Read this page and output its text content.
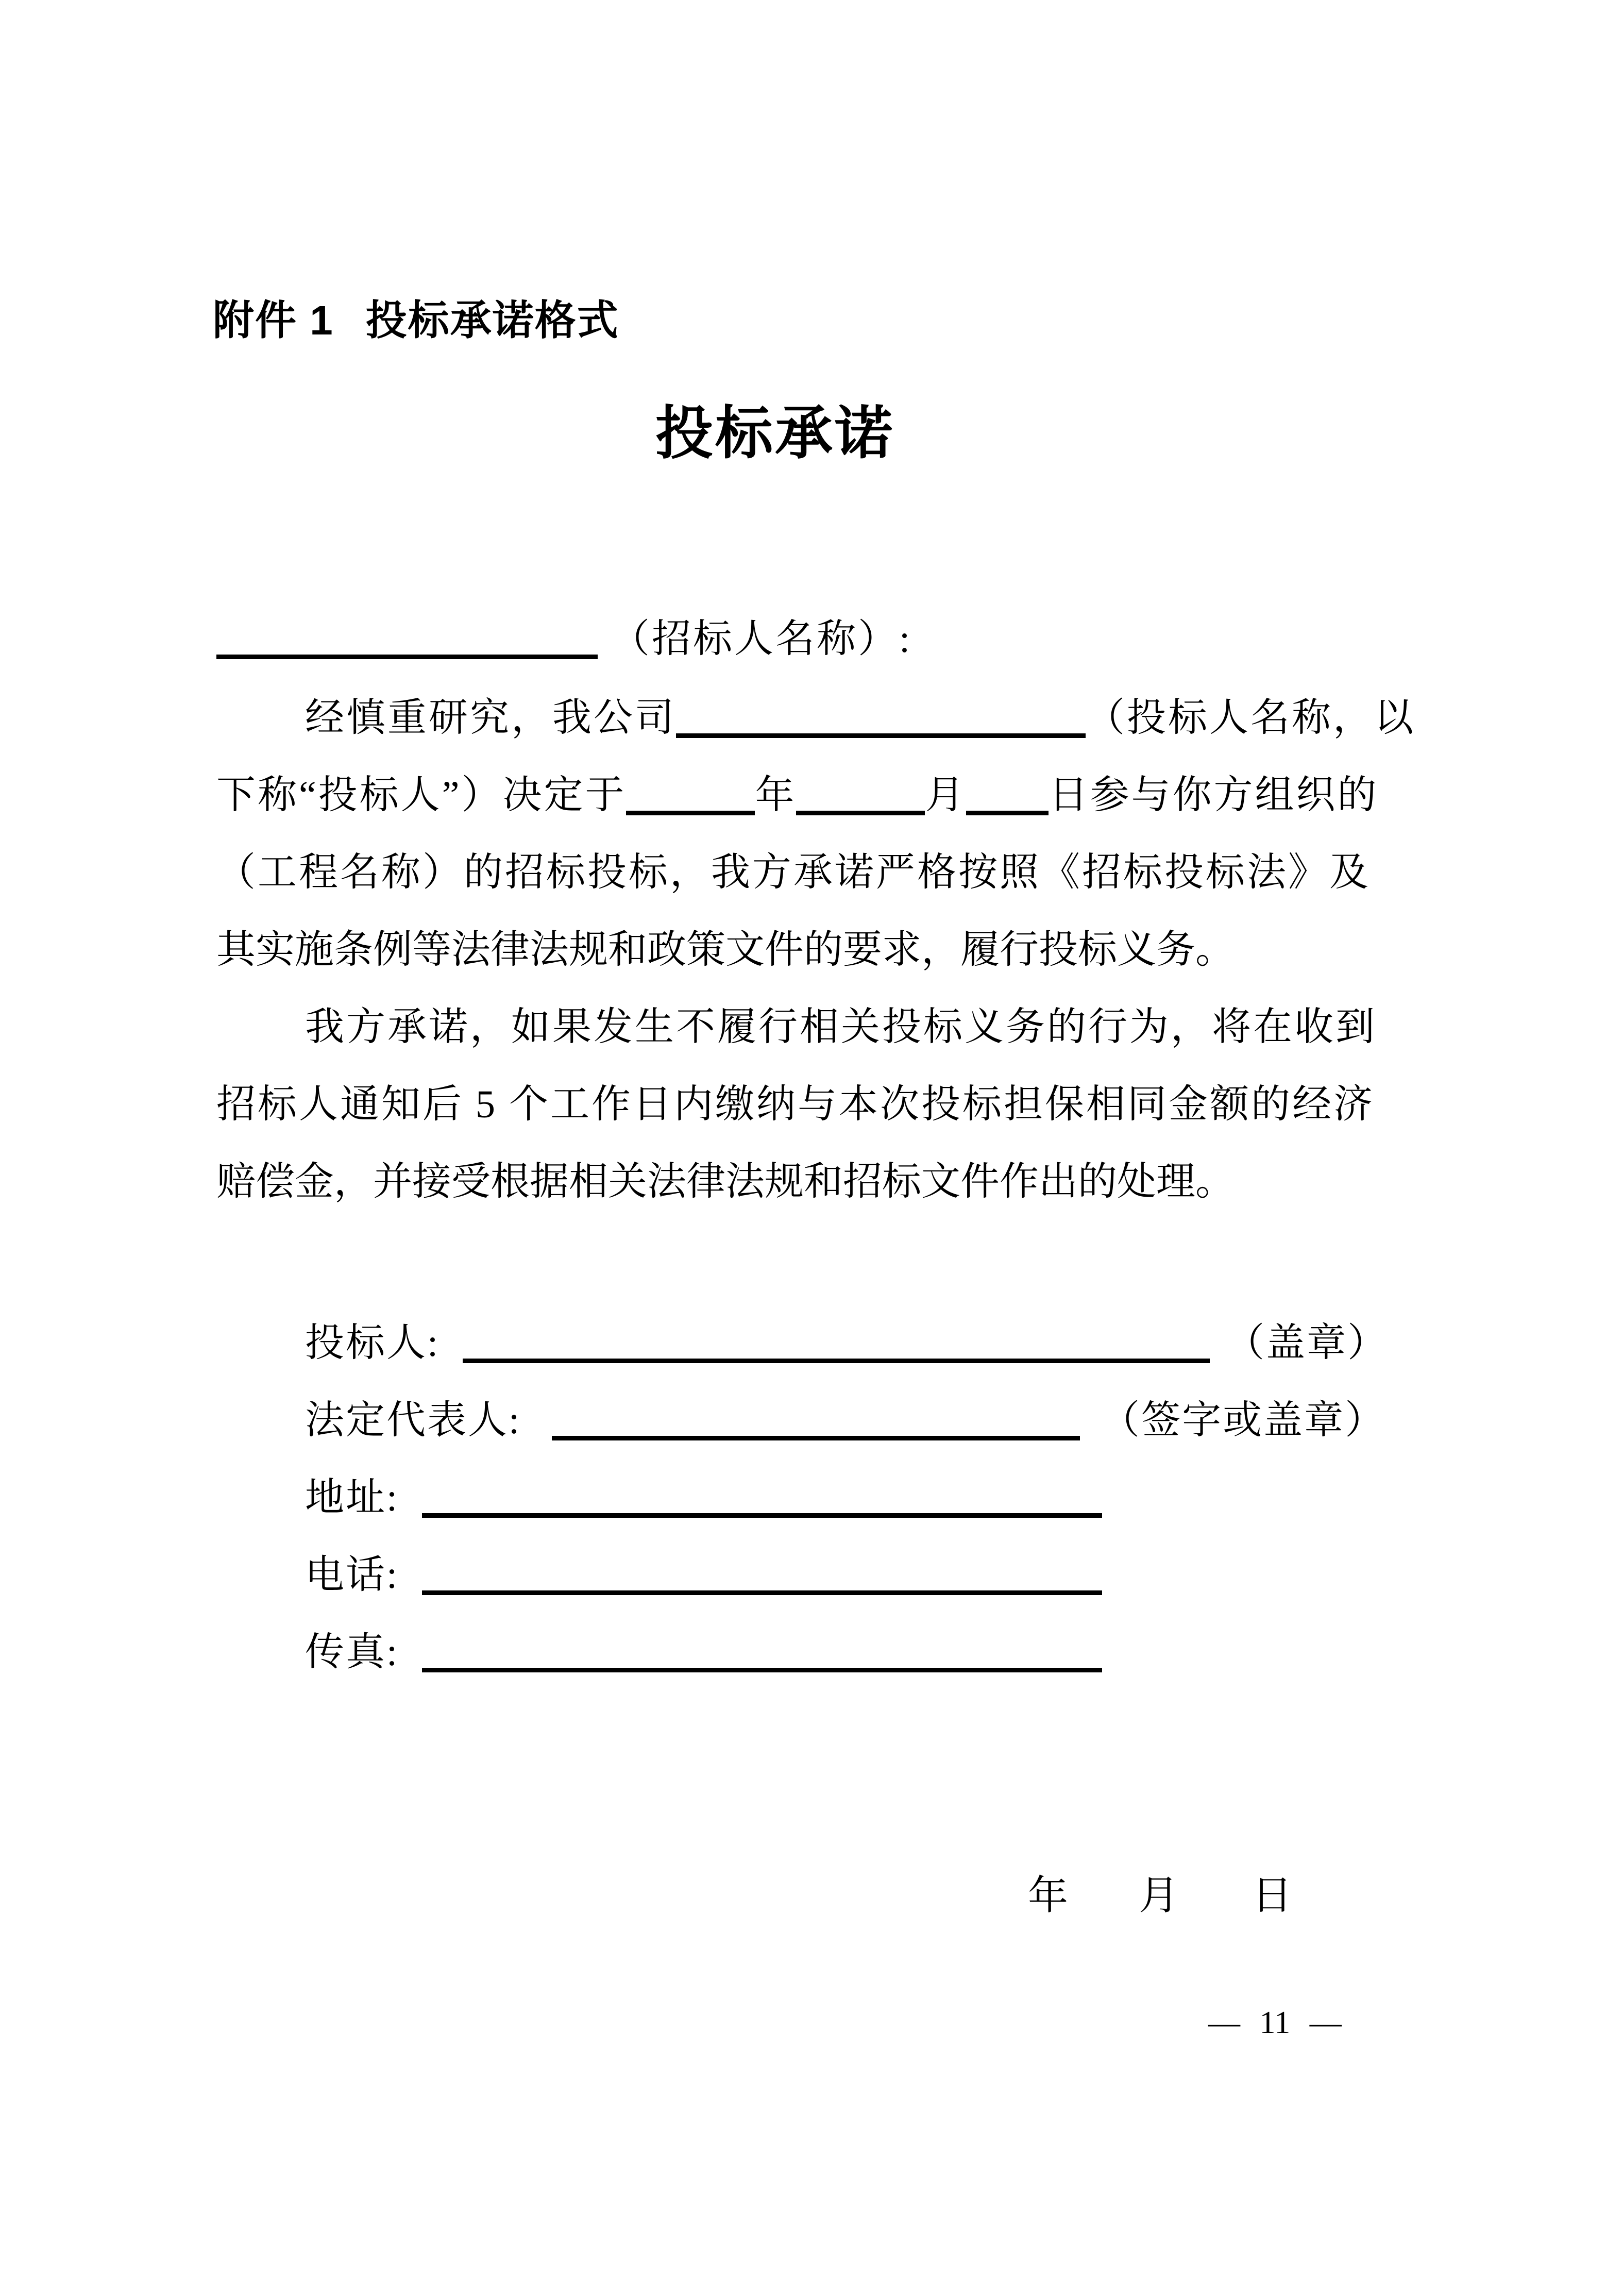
附件 1 投标承诺格式
投标承诺
（招标人名称）:
经慎重研究，我公司	（投标人名称，以
下称“投标人”）决定于	年	月 日参与你方组织的
（工程名称）的招标投标，我方承诺严格按照《招标投标法》及
其实施条例等法律法规和政策文件的要求，履行投标义务。
我方承诺，如果发生不履行相关投标义务的行为，将在收到
招标人通知后 5 个工作日内缴纳与本次投标担保相同金额的经济
赔偿金，并接受根据相关法律法规和招标文件作出的处理。
投标人:	（盖章）
法定代表人:	（签字或盖章）
地址:
电话:
传真:
年 月 日
— 11 —
